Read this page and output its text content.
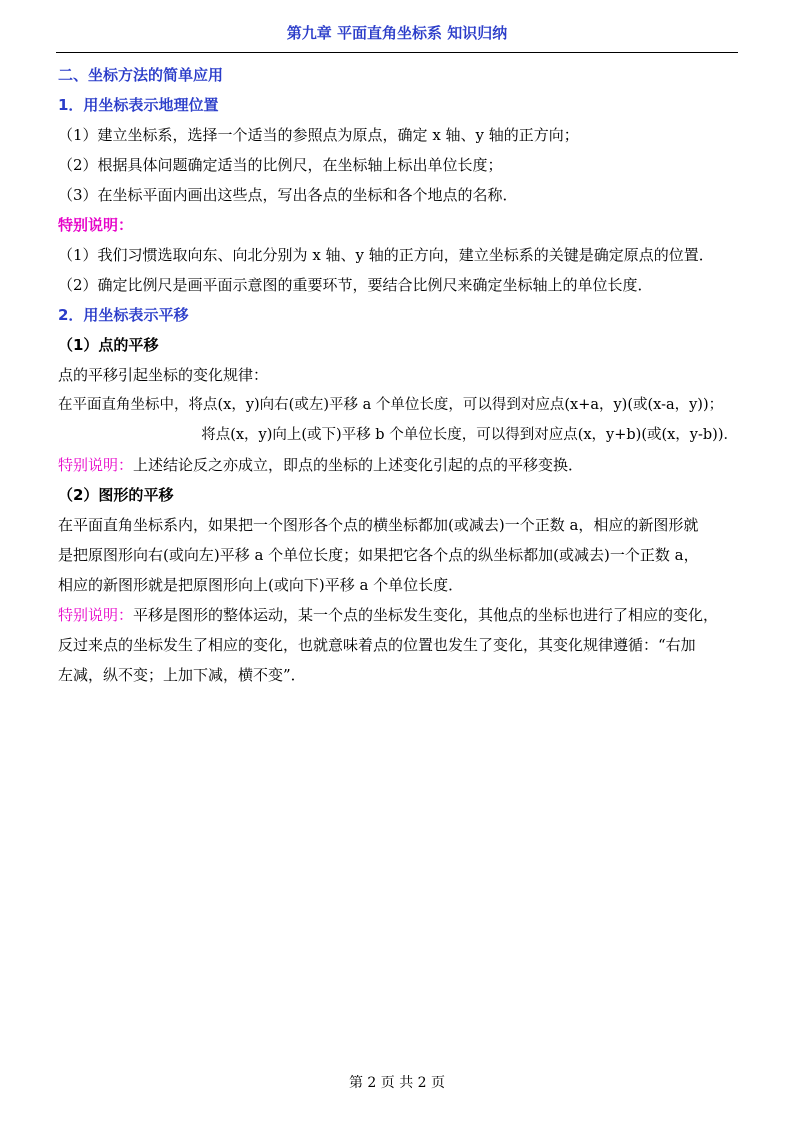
第九章 平面直角坐标系 知识归纳
二、坐标方法的简单应用
1．用坐标表示地理位置
（1）建立坐标系，选择一个适当的参照点为原点，确定 x 轴、y 轴的正方向；
（2）根据具体问题确定适当的比例尺，在坐标轴上标出单位长度；
（3）在坐标平面内画出这些点，写出各点的坐标和各个地点的名称．
特别说明：
（1）我们习惯选取向东、向北分别为 x 轴、y 轴的正方向，建立坐标系的关键是确定原点的位置．
（2）确定比例尺是画平面示意图的重要环节，要结合比例尺来确定坐标轴上的单位长度．
2．用坐标表示平移
（1）点的平移
点的平移引起坐标的变化规律：
在平面直角坐标中，将点(x，y)向右(或左)平移 a 个单位长度，可以得到对应点(x+a，y)(或(x-a，y))；
将点(x，y)向上(或下)平移 b 个单位长度，可以得到对应点(x，y+b)(或(x，y-b))．
特别说明：上述结论反之亦成立，即点的坐标的上述变化引起的点的平移变换．
（2）图形的平移
在平面直角坐标系内，如果把一个图形各个点的横坐标都加(或减去)一个正数 a，相应的新图形就
是把原图形向右(或向左)平移 a 个单位长度；如果把它各个点的纵坐标都加(或减去)一个正数 a，
相应的新图形就是把原图形向上(或向下)平移 a 个单位长度．
特别说明：平移是图形的整体运动，某一个点的坐标发生变化，其他点的坐标也进行了相应的变化，
反过来点的坐标发生了相应的变化，也就意味着点的位置也发生了变化，其变化规律遵循：“右加
左减，纵不变；上加下减，横不变”．
第 2 页 共 2 页
